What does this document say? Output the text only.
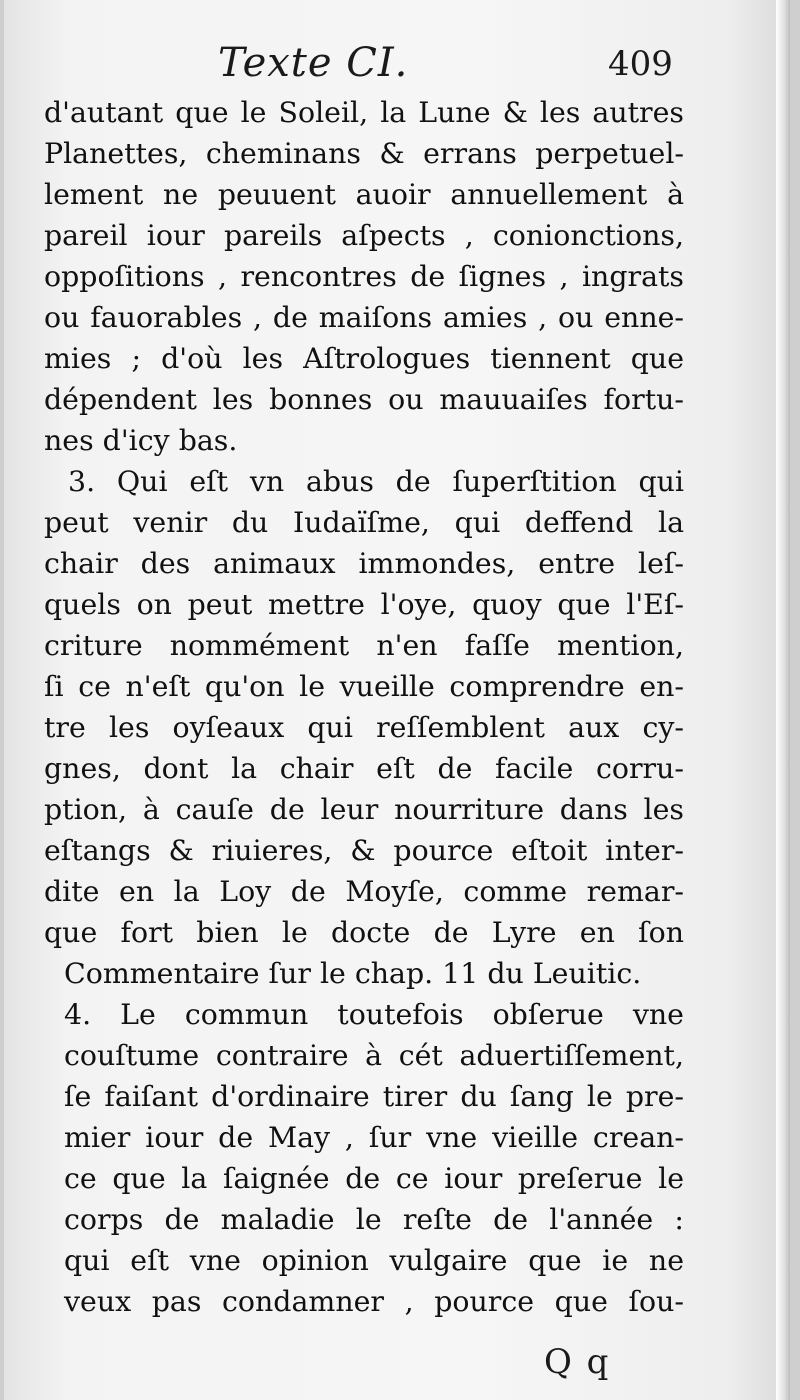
Texte CI.	409
d'autant que le Soleil, la Lune & les autres
Planettes, cheminans & errans perpetuel-
lement ne peuuent auoir annuellement à
pareil iour pareils aſpects , conionctions,
oppoſitions , rencontres de ſignes , ingrats
ou fauorables , de maiſons amies , ou enne-
mies ; d'où les Aſtrologues tiennent que
dépendent les bonnes ou mauuaiſes fortu-
nes d'icy bas.
3. Qui eſt vn abus de ſuperſtition qui
peut venir du Iudaïſme, qui deffend la
chair des animaux immondes, entre leſ-
quels on peut mettre l'oye, quoy que l'Eſ-
criture nommément n'en faſſe mention,
ſi ce n'eſt qu'on le vueille comprendre en-
tre les oyſeaux qui reſſemblent aux cy-
gnes, dont la chair eſt de facile corru-
ption, à cauſe de leur nourriture dans les
eſtangs & riuieres, & pource eſtoit inter-
dite en la Loy de Moyſe, comme remar-
que fort bien le docte de Lyre en ſon
Commentaire ſur le chap. 11 du Leuitic.
4. Le commun toutefois obſerue vne
couſtume contraire à cét aduertiſſement,
ſe faiſant d'ordinaire tirer du ſang le pre-
mier iour de May , ſur vne vieille crean-
ce que la ſaignée de ce iour preſerue le
corps de maladie le reſte de l'année :
qui eſt vne opinion vulgaire que ie ne
veux pas condamner , pource que ſou-
Q q
